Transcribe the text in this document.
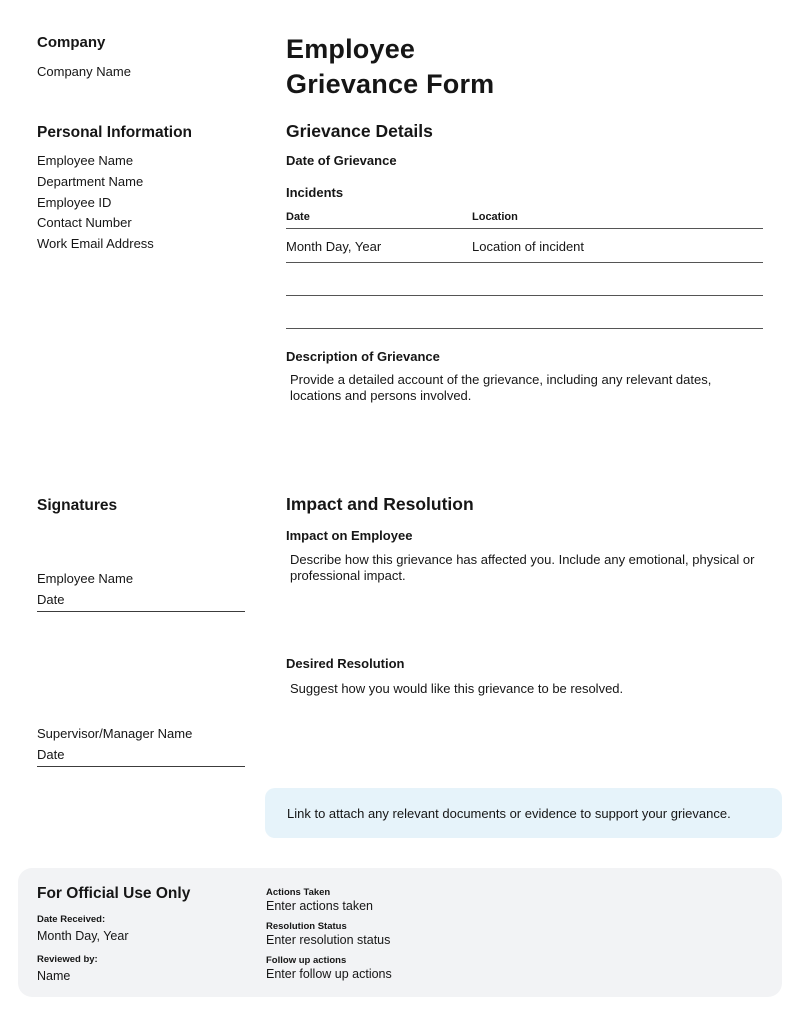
Company
Company Name
Employee
Grievance Form
Personal Information
Employee Name
Department Name
Employee ID
Contact Number
Work Email Address
Grievance Details
Date of Grievance
Incidents
Date	Location
Month Day, Year	Location of incident
Description of Grievance
Provide a detailed account of the grievance, including any relevant dates, locations and persons involved.
Signatures
Employee Name
Date
Supervisor/Manager Name
Date
Impact and Resolution
Impact on Employee
Describe how this grievance has affected you. Include any emotional, physical or professional impact.
Desired Resolution
Suggest how you would like this grievance to be resolved.
Link to attach any relevant documents or evidence to support your grievance.
For Official Use Only
Date Received:
Month Day, Year
Reviewed by:
Name
Actions Taken
Enter actions taken
Resolution Status
Enter resolution status
Follow up actions
Enter follow up actions
